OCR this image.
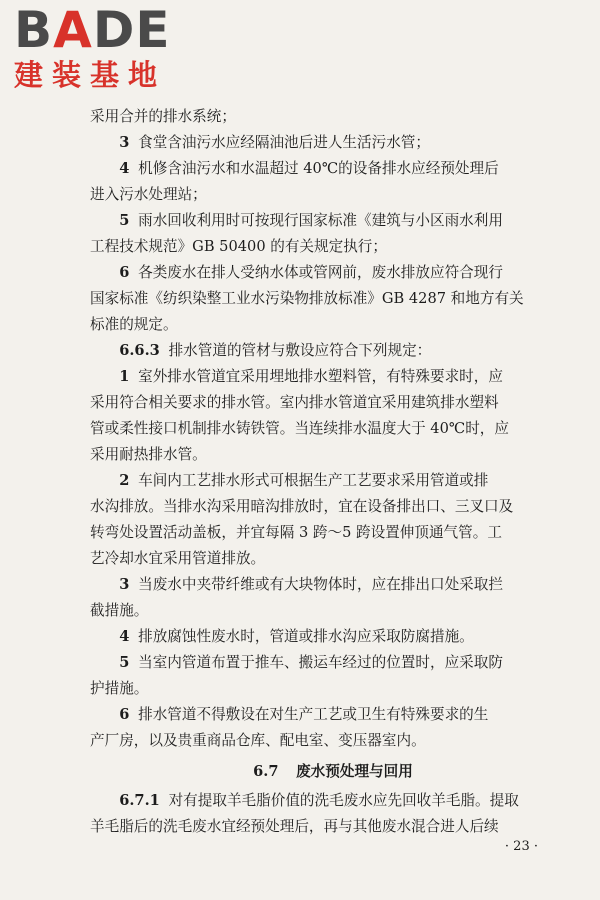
BADE
建装基地
采用合并的排水系统；
3 食堂含油污水应经隔油池后进人生活污水管；
4 机修含油污水和水温超过 40℃的设备排水应经预处理后
进入污水处理站；
5 雨水回收利用时可按现行国家标准《建筑与小区雨水利用
工程技术规范》GB 50400 的有关规定执行；
6 各类废水在排人受纳水体或管网前，废水排放应符合现行
国家标准《纺织染整工业水污染物排放标准》GB 4287 和地方有关
标准的规定。
6.6.3 排水管道的管材与敷设应符合下列规定：
1 室外排水管道宜采用埋地排水塑料管，有特殊要求时，应
采用符合相关要求的排水管。室内排水管道宜采用建筑排水塑料
管或柔性接口机制排水铸铁管。当连续排水温度大于 40℃时，应
采用耐热排水管。
2 车间内工艺排水形式可根据生产工艺要求采用管道或排
水沟排放。当排水沟采用暗沟排放时，宜在设备排出口、三叉口及
转弯处设置活动盖板，并宜每隔 3 跨～5 跨设置伸顶通气管。工
艺冷却水宜采用管道排放。
3 当废水中夹带纤维或有大块物体时，应在排出口处采取拦
截措施。
4 排放腐蚀性废水时，管道或排水沟应采取防腐措施。
5 当室内管道布置于推车、搬运车经过的位置时，应采取防
护措施。
6 排水管道不得敷设在对生产工艺或卫生有特殊要求的生
产厂房，以及贵重商品仓库、配电室、变压器室内。
6.7 废水预处理与回用
6.7.1 对有提取羊毛脂价值的洗毛废水应先回收羊毛脂。提取
羊毛脂后的洗毛废水宜经预处理后，再与其他废水混合进人后续
· 23 ·
